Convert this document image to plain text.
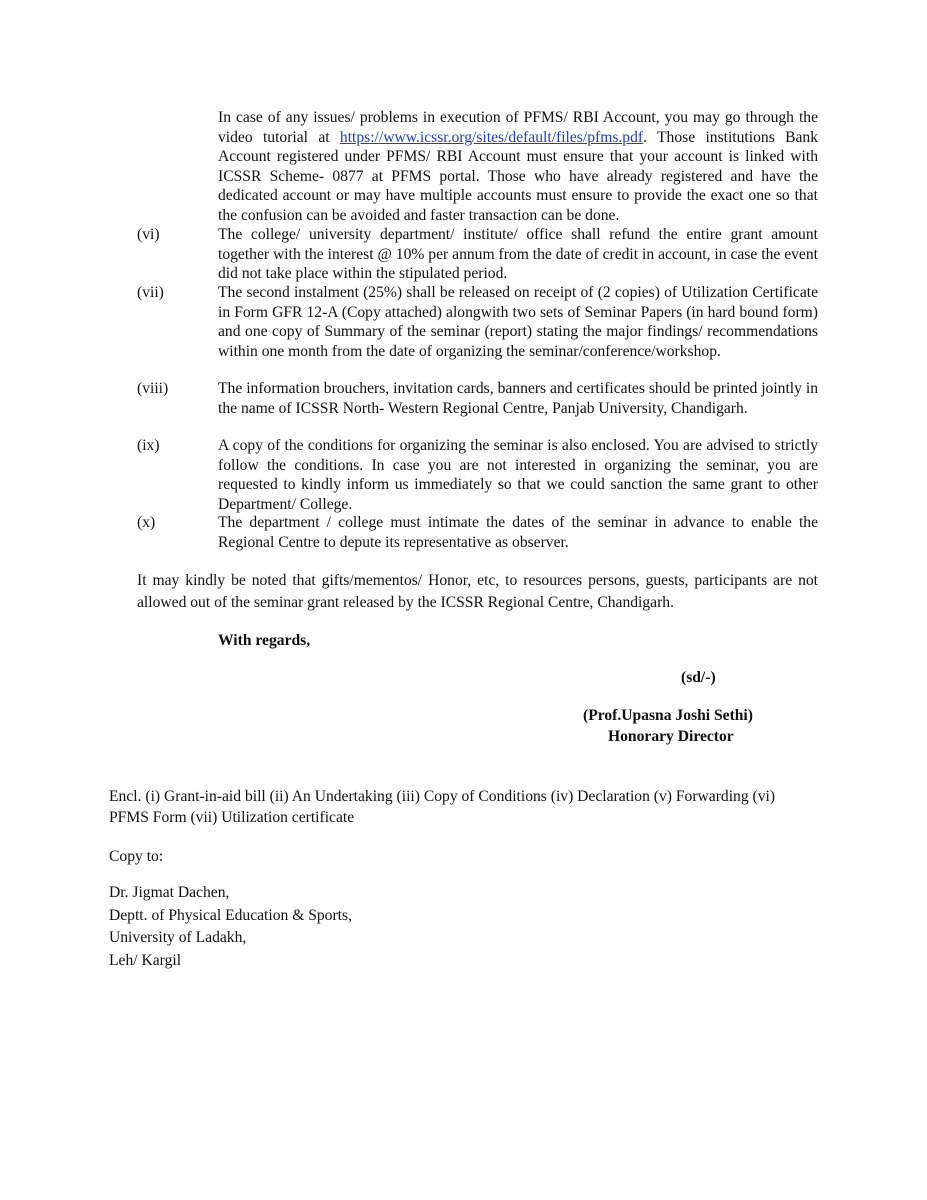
In case of any issues/ problems in execution of PFMS/ RBI Account, you may go through the video tutorial at https://www.icssr.org/sites/default/files/pfms.pdf. Those institutions Bank Account registered under PFMS/ RBI Account must ensure that your account is linked with ICSSR Scheme- 0877 at PFMS portal. Those who have already registered and have the dedicated account or may have multiple accounts must ensure to provide the exact one so that the confusion can be avoided and faster transaction can be done.
(vi)	The college/ university department/ institute/ office shall refund the entire grant amount together with the interest @ 10% per annum from the date of credit in account, in case the event did not take place within the stipulated period.
(vii)	The second instalment (25%) shall be released on receipt of (2 copies) of Utilization Certificate in Form GFR 12-A (Copy attached) alongwith two sets of Seminar Papers (in hard bound form) and one copy of Summary of the seminar (report) stating the major findings/ recommendations within one month from the date of organizing the seminar/conference/workshop.
(viii)	The information brouchers, invitation cards, banners and certificates should be printed jointly in the name of ICSSR North- Western Regional Centre, Panjab University, Chandigarh.
(ix)	A copy of the conditions for organizing the seminar is also enclosed. You are advised to strictly follow the conditions. In case you are not interested in organizing the seminar, you are requested to kindly inform us immediately so that we could sanction the same grant to other Department/ College.
(x)	The department / college must intimate the dates of the seminar in advance to enable the Regional Centre to depute its representative as observer.
It may kindly be noted that gifts/mementos/ Honor, etc, to resources persons, guests, participants are not allowed out of the seminar grant released by the ICSSR Regional Centre, Chandigarh.
With regards,
(sd/-)
(Prof.Upasna Joshi Sethi)
Honorary Director
Encl. (i) Grant-in-aid bill (ii) An Undertaking (iii) Copy of Conditions (iv) Declaration (v) Forwarding (vi) PFMS Form (vii) Utilization certificate
Copy to:
Dr. Jigmat Dachen,
Deptt. of Physical Education & Sports,
University of Ladakh,
Leh/ Kargil
